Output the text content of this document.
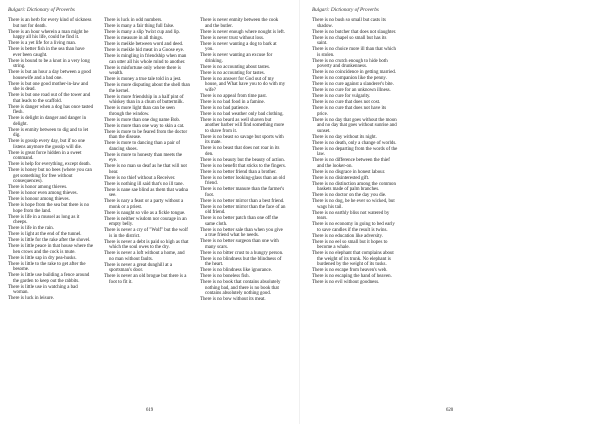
Bulgari: Dictionary of Proverbs
There is an herb for every kind of sickness but not for death.
There is an hour wherein a man might be happy all his life, could he find it.
There is a yet life for a living man.
There is better fish in the sea than have ever been caught.
There is bound to be a knot in a very long string.
There is but an hour a day between a good housewife and a bad one.
There is but one good mother-in-law and she is dead.
There is but one road out of the tower and that leads to the scaffold.
There is danger when a dog has once tasted flesh.
There is delight in danger and danger in delight.
There is enmity between to dig and to let dig.
There is gossip every day, but if no one listens anymore the gossip will die.
There is great force hidden in a sweet command.
There is help for everything, except death.
There is honey but no bees (where you can get something for free without consequences).
There is honor among thieves.
There is honor even among thieves.
There is honour among thieves.
There is hope from the sea but there is no hope from the land.
There is life in a mussel as long as it cheeps.
There is life in the rain.
There is light at the end of the tunnel.
There is little for the rake after the shovel.
There is little peace in that house where the hen crows and the cock is mute.
There is little sap in dry pea-husks.
There is little to the rake to get after the besome.
There is little use building a fence around the garden to keep out the rabbits.
There is little use in watching a bad woman.
There is luck in leisure.
There is luck in odd numbers.
There is many a fair thing full false.
There is many a slip 'twixt cup and lip.
There is measure in all things.
There is meikle between word and deed.
There is meikle hid meat in a Goose eye.
There is mingling in friendship when man can utter all his whole mind to another.
There is misfortune only where there is wealth.
There is money a true tale told in a jest.
There is more disputing about the shell than the kernel.
There is more friendship in a half pint of whiskey than in a churn of buttermilk.
There is more light than can be seen through the window.
There is more than one dog name Bob.
There is more than one way to skin a cat.
There is more to be feared from the doctor than the disease.
There is more to dancing than a pair of dancing shoes.
There is more to honesty than meets the eye.
There is no man so deaf as he that will not hear.
There is no thief without a Receiver.
There is nothing ill said that's no ill tane.
There is nane sae blind as them that wadna see.
There is nary a feast or a party without a monk or a priest.
There is naught so vile as a fickle tongue.
There is neither wisdom nor courage in an empty belly.
There is never a cry of "Wolf" but the wolf is in the district.
There is never a debt is paid so high as that which the soul owes to the dry.
There is never a loft without a home, and no man without faults.
There is never a great dunghill at a sportsman's door.
There is never an old brogue but there is a foot to fit it.
There is never enmity between the cook and the butler.
There is never enough where nought is left.
There is never trust without loss.
There is never wanting a dog to bark at you.
There is never wanting an excuse for drinking.
There is no accounting about tastes.
There is no accounting for tastes.
There is no answer for God out of my house, and What have you to do with my wife?
There is no appeal from time past.
There is no bad food in a famine.
There is no bad patience.
There is no bad weather only bad clothing.
There is no beard as well shaven but another barber will find something more to shave from it.
There is no beast so savage but sports with its mate.
There is no beast that does not roar in its den.
There is no beauty but the beauty of action.
There is no benefit that sticks to the fingers.
There is no better friend than a brother.
There is no better looking-glass than an old friend.
There is no better manure than the farmer's foot.
There is no better mirror than a best friend.
There is no better mirror than the face of an old friend.
There is no better patch than one off the same cloth.
There is no better sale than when you give a true friend what he needs.
There is no better surgeon than one with many scars.
There is no bitter crust to a hungry person.
There is no blindness but the blindness of the heart.
There is no blindness like ignorance.
There is no boneless fish.
There is no book that contains absolutely nothing bad, and there is no book that contains absolutely nothing good.
There is no bow without its meat.
619
Bulgari: Dictionary of Proverbs
There is no bush so small but casts its shadow.
There is no butcher that does not slaughter.
There is no chapel so small but has its saint.
There is no choice more ill than that which is stolen.
There is no crutch enough to hide both poverty and drunkenness.
There is no coincidence in getting married.
There is no companion like the penny.
There is no cure against a slanderer's bite.
There is no cure for an unknown illness.
There is no cure for vulgarity.
There is no cure that does not cost.
There is no cure that does not have its price.
There is no day that goes without the moon and no day that goes without sunrise and sunset.
There is no day without its night.
There is no death, only a change of worlds.
There is no departing from the words of the law.
There is no difference between the thief and the looker-on.
There is no disgrace in honest labour.
There is no disinterested gift.
There is no distinction among the common baskets made of palm branches.
There is no doctor on the day you die.
There is no dog, be he ever so wicked, but wags his tail.
There is no earthly bliss not watered by tears.
There is no economy in going to bed early to save candles if the result is twins.
There is no education like adversity.
There is no eel so small but it hopes to become a whale.
There is no elephant that complains about the weight of its trunk. No elephant is burdened by the weight of its tusks.
There is no escape from heaven's web.
There is no escaping the hand of heaven.
There is no evil without goodness.
620
